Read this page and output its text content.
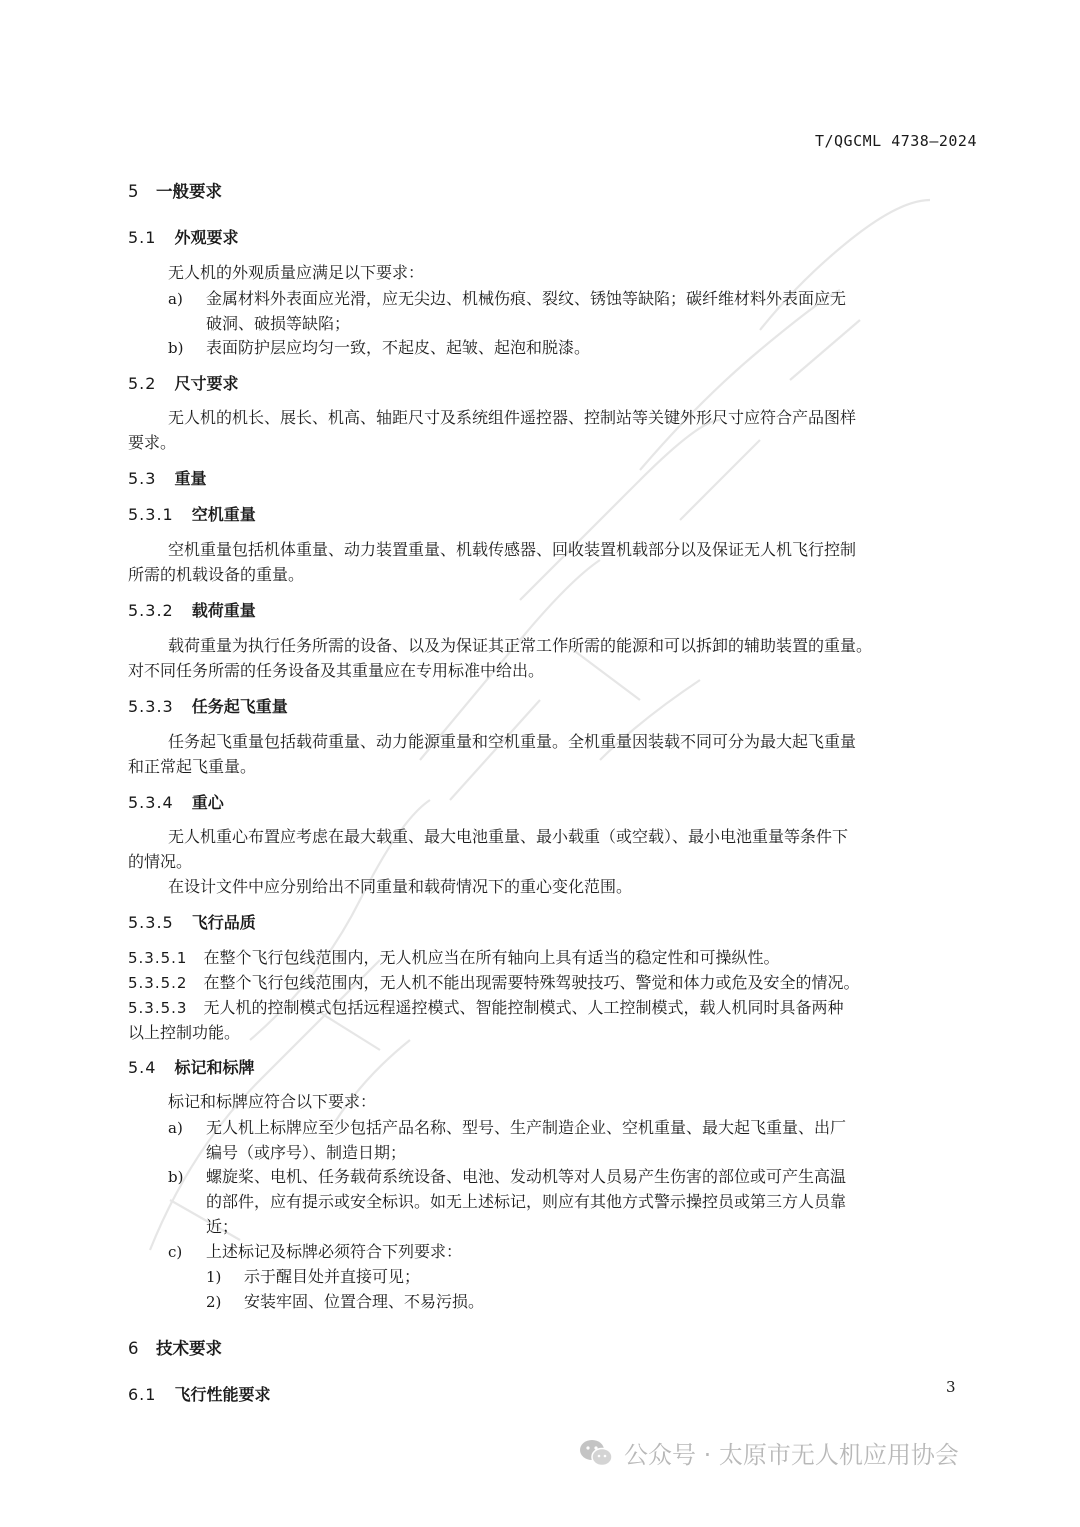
T/QGCML 4738—2024
5 一般要求
5.1 外观要求
无人机的外观质量应满足以下要求：
a) 金属材料外表面应光滑，应无尖边、机械伤痕、裂纹、锈蚀等缺陷；碳纤维材料外表面应无
破洞、破损等缺陷；
b) 表面防护层应均匀一致，不起皮、起皱、起泡和脱漆。
5.2 尺寸要求
无人机的机长、展长、机高、轴距尺寸及系统组件遥控器、控制站等关键外形尺寸应符合产品图样
要求。
5.3 重量
5.3.1 空机重量
空机重量包括机体重量、动力装置重量、机载传感器、回收装置机载部分以及保证无人机飞行控制
所需的机载设备的重量。
5.3.2 载荷重量
载荷重量为执行任务所需的设备、以及为保证其正常工作所需的能源和可以拆卸的辅助装置的重量。
对不同任务所需的任务设备及其重量应在专用标准中给出。
5.3.3 任务起飞重量
任务起飞重量包括载荷重量、动力能源重量和空机重量。全机重量因装载不同可分为最大起飞重量
和正常起飞重量。
5.3.4 重心
无人机重心布置应考虑在最大载重、最大电池重量、最小载重（或空载）、最小电池重量等条件下
的情况。
在设计文件中应分别给出不同重量和载荷情况下的重心变化范围。
5.3.5 飞行品质
5.3.5.1 在整个飞行包线范围内，无人机应当在所有轴向上具有适当的稳定性和可操纵性。
5.3.5.2 在整个飞行包线范围内，无人机不能出现需要特殊驾驶技巧、警觉和体力或危及安全的情况。
5.3.5.3 无人机的控制模式包括远程遥控模式、智能控制模式、人工控制模式，载人机同时具备两种
以上控制功能。
5.4 标记和标牌
标记和标牌应符合以下要求：
a) 无人机上标牌应至少包括产品名称、型号、生产制造企业、空机重量、最大起飞重量、出厂
编号（或序号）、制造日期；
b) 螺旋桨、电机、任务载荷系统设备、电池、发动机等对人员易产生伤害的部位或可产生高温
的部件，应有提示或安全标识。如无上述标记，则应有其他方式警示操控员或第三方人员靠
近；
c) 上述标记及标牌必须符合下列要求：
1) 示于醒目处并直接可见；
2) 安装牢固、位置合理、不易污损。
6 技术要求
6.1 飞行性能要求	3
公众号 · 太原市无人机应用协会
